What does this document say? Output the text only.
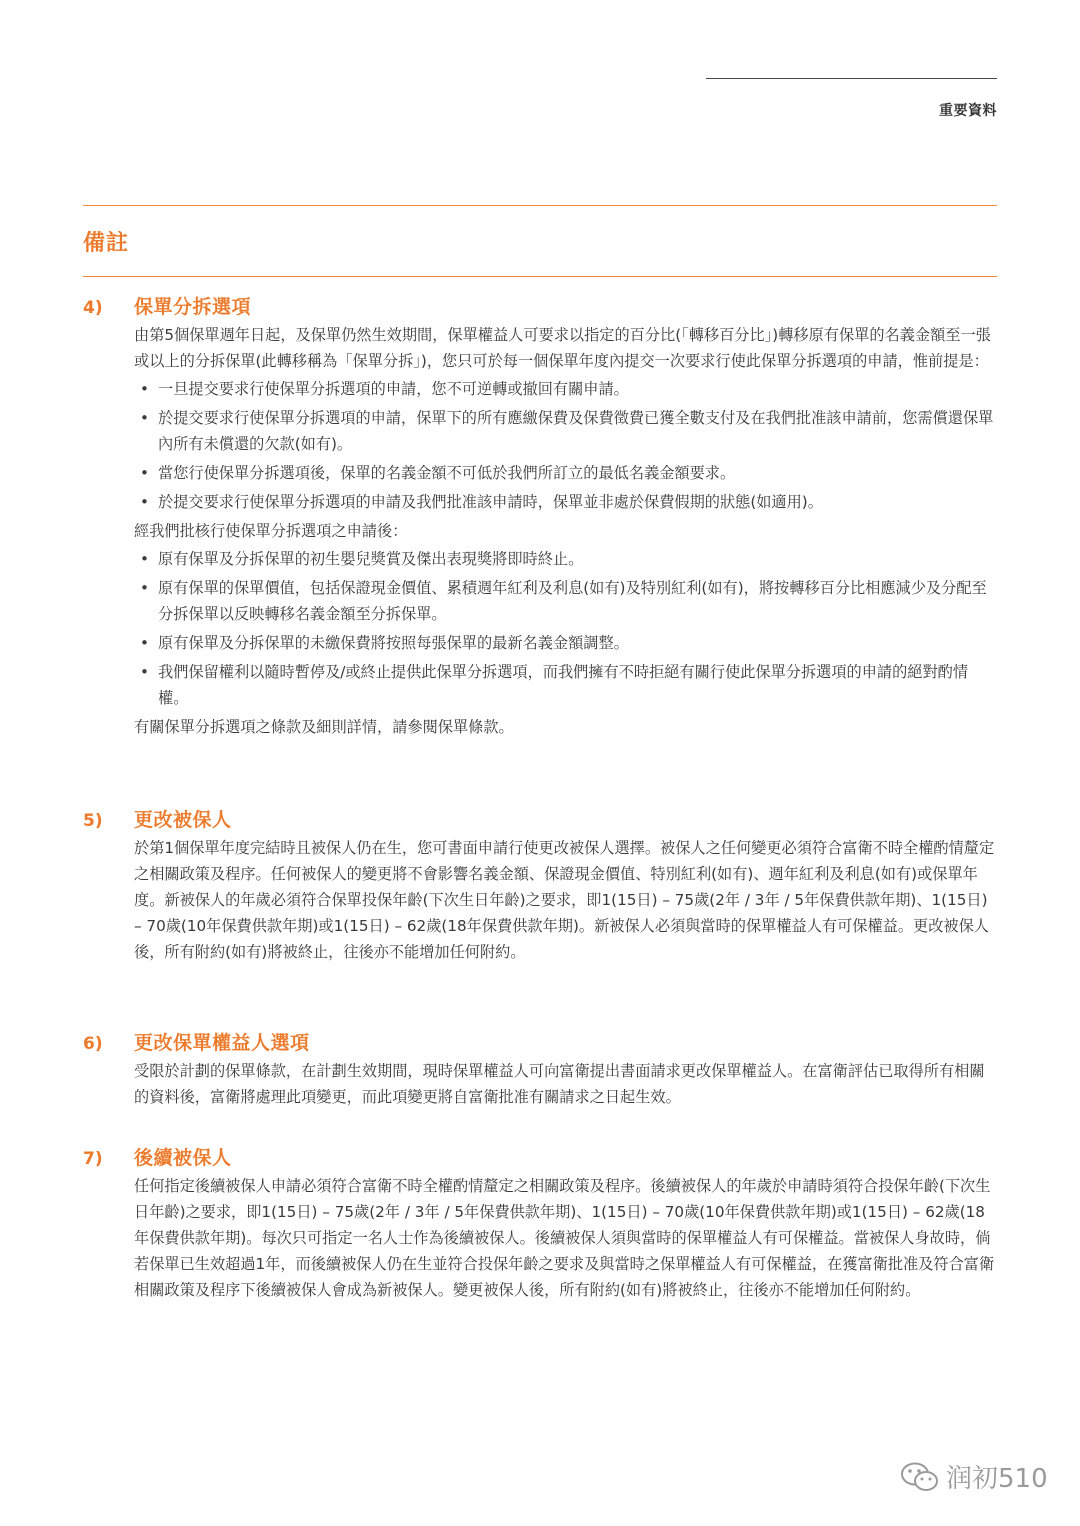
重要資料
備註
4)	保單分拆選項

由第5個保單週年日起，及保單仍然生效期間，保單權益人可要求以指定的百分比(「轉移百分比」)轉移原有保單的名義金額至一張或以上的分拆保單(此轉移稱為「保單分拆」)，您只可於每一個保單年度內提交一次要求行使此保單分拆選項的申請，惟前提是：

• 一旦提交要求行使保單分拆選項的申請，您不可逆轉或撤回有關申請。
• 於提交要求行使保單分拆選項的申請，保單下的所有應繳保費及保費徵費已獲全數支付及在我們批准該申請前，您需償還保單內所有未償還的欠款(如有)。
• 當您行使保單分拆選項後，保單的名義金額不可低於我們所訂立的最低名義金額要求。
• 於提交要求行使保單分拆選項的申請及我們批准該申請時，保單並非處於保費假期的狀態(如適用)。

經我們批核行使保單分拆選項之申請後：

• 原有保單及分拆保單的初生嬰兒獎賞及傑出表現獎將即時終止。
• 原有保單的保單價值，包括保證現金價值、累積週年紅利及利息(如有)及特別紅利(如有)，將按轉移百分比相應減少及分配至分拆保單以反映轉移名義金額至分拆保單。
• 原有保單及分拆保單的未繳保費將按照每張保單的最新名義金額調整。
• 我們保留權利以隨時暫停及/或終止提供此保單分拆選項，而我們擁有不時拒絕有關行使此保單分拆選項的申請的絕對酌情權。

有關保單分拆選項之條款及細則詳情，請參閱保單條款。

5)	更改被保人

於第1個保單年度完結時且被保人仍在生，您可書面申請行使更改被保人選擇。被保人之任何變更必須符合富衛不時全權酌情釐定之相關政策及程序。任何被保人的變更將不會影響名義金額、保證現金價值、特別紅利(如有)、週年紅利及利息(如有)或保單年度。新被保人的年歲必須符合保單投保年齡(下次生日年齡)之要求，即1(15日) – 75歲(2年 / 3年 / 5年保費供款年期)、1(15日) – 70歲(10年保費供款年期)或1(15日) – 62歲(18年保費供款年期)。新被保人必須與當時的保單權益人有可保權益。更改被保人後，所有附約(如有)將被終止，往後亦不能增加任何附約。

6)	更改保單權益人選項

受限於計劃的保單條款，在計劃生效期間，現時保單權益人可向富衛提出書面請求更改保單權益人。在富衛評估已取得所有相關的資料後，富衛將處理此項變更，而此項變更將自富衛批准有關請求之日起生效。

7)	後續被保人

任何指定後續被保人申請必須符合富衛不時全權酌情釐定之相關政策及程序。後續被保人的年歲於申請時須符合投保年齡(下次生日年齡)之要求，即1(15日) – 75歲(2年 / 3年 / 5年保費供款年期)、1(15日) – 70歲(10年保費供款年期)或1(15日) – 62歲(18年保費供款年期)。每次只可指定一名人士作為後續被保人。後續被保人須與當時的保單權益人有可保權益。當被保人身故時，倘若保單已生效超過1年，而後續被保人仍在生並符合投保年齡之要求及與當時之保單權益人有可保權益，在獲富衛批准及符合富衛相關政策及程序下後續被保人會成為新被保人。變更被保人後，所有附約(如有)將被終止，往後亦不能增加任何附約。

润初510
